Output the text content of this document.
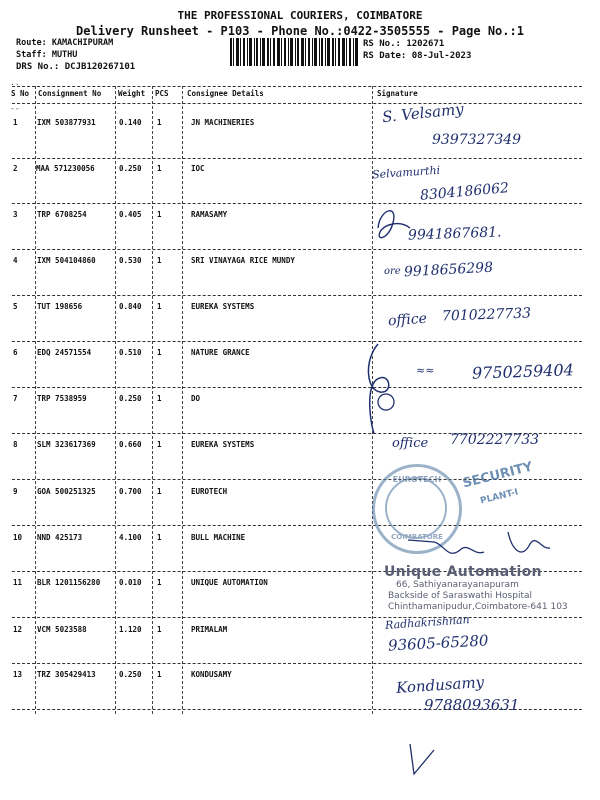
THE PROFESSIONAL COURIERS, COIMBATORE
Delivery Runsheet - P103 - Phone No.:0422-3505555 - Page No.:1
Route: KAMACHIPURAM
Staff: MUTHU
DRS No.: DCJB120267101
RS No.: 1202671
RS Date: 08-Jul-2023
..
S No Consignment No Weight PCS Consignee Details	Signature
--
1	IXM 503877931	0.140 1	JN MACHINERIES
2 MAA 571230056	0.250 1	IOC
3	TRP 6708254	0.405 1	RAMASAMY
4	IXM 504104860	0.530 1	SRI VINAYAGA RICE MUNDY
5	TUT 198656	0.840 1	EUREKA SYSTEMS
6	EDQ 24571554	0.510 1	NATURE GRANCE
7	TRP 7538959	0.250 1	DO
8	SLM 323617369	0.660 1	EUREKA SYSTEMS
9	GOA 500251325	0.700 1	EUROTECH
10 NND 425173	4.100 1	BULL MACHINE
11 BLR 1201156280	0.010 1	UNIQUE AUTOMATION
12 VCM 5023588	1.120 1	PRIMALAM
13 TRZ 305429413	0.250 1	KONDUSAMY
S. Velsamy
9397327349
Selvamurthi
8304186062
9941867681.
ore 9918656298
office 7010227733
≈≈ 9750259404
office 7702227733
EUROTECH
COIMBATORE
SECURITY
PLANT-I
Unique Automation
66, Sathiyanarayanapuram
Backside of Saraswathi Hospital
Chinthamanipudur,Coimbatore-641 103
Radhakrishnan
93605-65280
Kondusamy
9788093631
